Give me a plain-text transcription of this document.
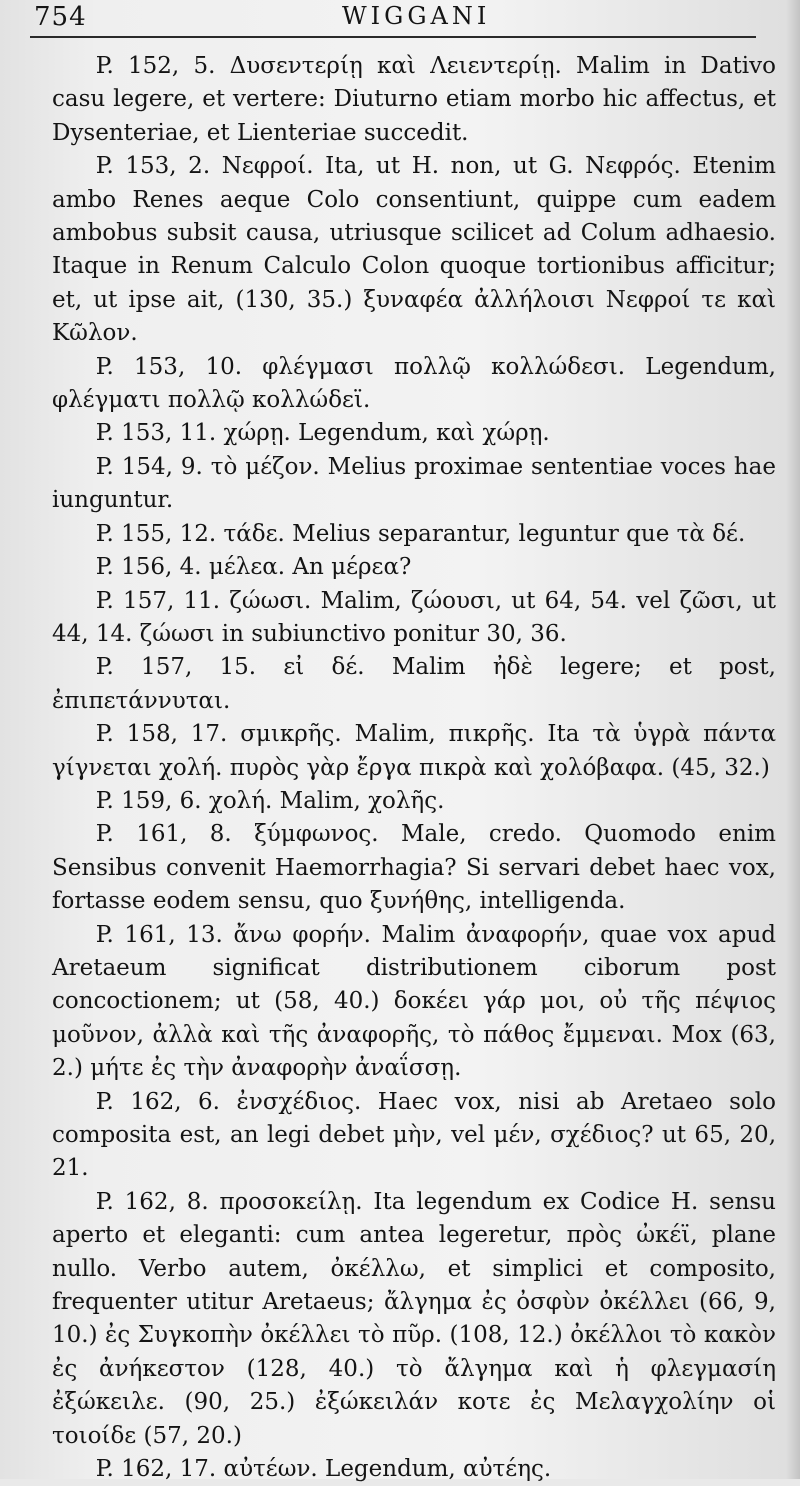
754	WIGGANI

P. 152, 5. Δυσεντερίῃ καὶ Λειεντερίῃ. Malim in Dativo casu legere, et vertere: Diuturno etiam morbo hic affectus, et Dysenteriae, et Lienteriae succedit.

P. 153, 2. Νεφροί. Ita, ut H. non, ut G. Νεφρός. Etenim ambo Renes aeque Colo consentiunt, quippe cum eadem ambobus subsit causa, utriusque scilicet ad Colum adhaesio. Itaque in Renum Calculo Colon quoque tortionibus afficitur; et, ut ipse ait, (130, 35.) ξυναφέα ἀλλήλοισι Νεφροί τε καὶ Κῶλον.

P. 153, 10. φλέγμασι πολλῷ κολλώδεσι. Legendum, φλέγματι πολλῷ κολλώδεϊ.

P. 153, 11. χώρῃ. Legendum, καὶ χώρῃ.

P. 154, 9. τὸ μέζον. Melius proximae sententiae voces hae iunguntur.

P. 155, 12. τάδε. Melius separantur, leguntur que τὰ δέ.

P. 156, 4. μέλεα. An μέρεα?

P. 157, 11. ζώωσι. Malim, ζώουσι, ut 64, 54. vel ζῶσι, ut 44, 14. ζώωσι in subiunctivo ponitur 30, 36.

P. 157, 15. εἰ δέ. Malim ἠδὲ legere; et post, ἐπιπετάννυται.

P. 158, 17. σμικρῆς. Malim, πικρῆς. Ita τὰ ὑγρὰ πάντα γίγνεται χολή. πυρὸς γὰρ ἔργα πικρὰ καὶ χολόβαφα. (45, 32.)

P. 159, 6. χολή. Malim, χολῆς.

P. 161, 8. ξύμφωνος. Male, credo. Quomodo enim Sensibus convenit Haemorrhagia? Si servari debet haec vox, fortasse eodem sensu, quo ξυνήθης, intelligenda.

P. 161, 13. ἄνω φορήν. Malim ἀναφορήν, quae vox apud Aretaeum significat distributionem ciborum post concoctionem; ut (58, 40.) δοκέει γάρ μοι, οὐ τῆς πέψιος μοῦνον, ἀλλὰ καὶ τῆς ἀναφορῆς, τὸ πάθος ἔμμεναι. Mox (63, 2.) μήτε ἐς τὴν ἀναφορὴν ἀναΐσσῃ.

P. 162, 6. ἐνσχέδιος. Haec vox, nisi ab Aretaeo solo composita est, an legi debet μὴν, vel μέν, σχέδιος? ut 65, 20, 21.

P. 162, 8. προσοκείλῃ. Ita legendum ex Codice H. sensu aperto et eleganti: cum antea legeretur, πρὸς ὠκέϊ, plane nullo. Verbo autem, ὀκέλλω, et simplici et composito, frequenter utitur Aretaeus; ἄλγημα ἐς ὀσφὺν ὀκέλλει (66, 9, 10.) ἐς Συγκοπὴν ὀκέλλει τὸ πῦρ. (108, 12.) ὀκέλλοι τὸ κακὸν ἐς ἀνήκεστον (128, 40.) τὸ ἄλγημα καὶ ἡ φλεγμασίη ἐξώκειλε. (90, 25.) ἐξώκειλάν κοτε ἐς Μελαγχολίην οἱ τοιοίδε (57, 20.)

P. 162, 17. αὐτέων. Legendum, αὐτέης.
